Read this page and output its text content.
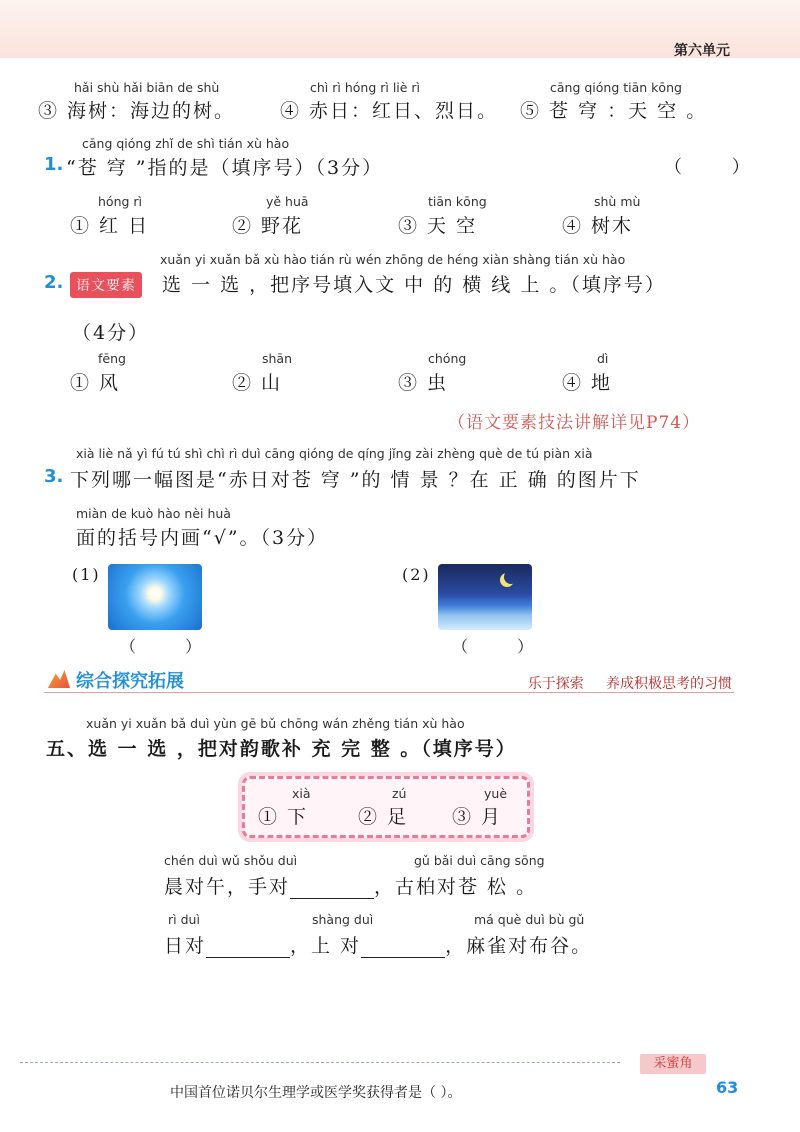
第六单元
hǎi shù hǎi biān de shù
③ 海树：海边的树。
chì rì hóng rì liè rì
④ 赤日：红日、烈日。
cāng qióng tiān kōng
⑤ 苍 穹 ：天 空 。
cāng qióng zhǐ de shì tián xù hào
1. “苍 穹 ”指的是（填序号）（3分）	（ ）
hóng rì
① 红 日
yě huā
② 野花
tiān kōng
③ 天 空
shù mù
④ 树木
xuǎn yi xuǎn bǎ xù hào tián rù wén zhōng de héng xiàn shàng tián xù hào
2. 语文要素	选 一 选 ，把序号填入文 中 的 横 线 上 。（填序号）
（4分）
fēng
① 风
shān
② 山
chóng
③ 虫
dì
④ 地
（语文要素技法讲解详见P74）
xià liè nǎ yì fú tú shì chì rì duì cāng qióng de qíng jǐng zài zhèng què de tú piàn xià
3. 下列哪一幅图是“赤日对苍 穹 ”的 情 景 ？在 正 确 的图片下
miàn de kuò hào nèi huà
面的括号内画“√”。（3分）
(1)
（ ）
(2)
（ ）
综合探究拓展	乐于探索 养成积极思考的习惯
xuǎn yi xuǎn bǎ duì yùn gē bǔ chōng wán zhěng tián xù hào
五、选 一 选 ，把对韵歌补 充 完 整 。（填序号）
xià
① 下
zú
② 足
yuè
③ 月
chén duì wǔ shǒu duì	gǔ bǎi duì cāng sōng
晨对午，手对	，古柏对苍 松 。
rì duì	shàng duì	má què duì bù gǔ
日对	，上 对	，麻雀对布谷。
采蜜角
中国首位诺贝尔生理学或医学奖获得者是（ ）。	63
